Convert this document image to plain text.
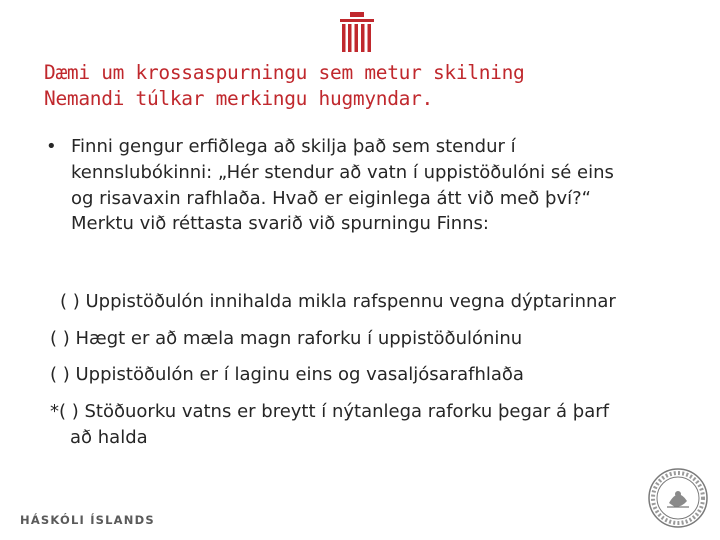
Dæmi um krossaspurningu sem metur skilning
Nemandi túlkar merkingu hugmyndar.
• Finni gengur erfiðlega að skilja það sem stendur í
kennslubókinni: „Hér stendur að vatn í uppistöðulóni sé eins
og risavaxin rafhlaða. Hvað er eiginlega átt við með því?“
Merktu við réttasta svarið við spurningu Finns:
( ) Uppistöðulón innihalda mikla rafspennu vegna dýptarinnar
( ) Hægt er að mæla magn raforku í uppistöðulóninu
( ) Uppistöðulón er í laginu eins og vasaljósarafhlaða
*( ) Stöðuorku vatns er breytt í nýtanlega raforku þegar á þarf
að halda
HÁSKÓLI ÍSLANDS
